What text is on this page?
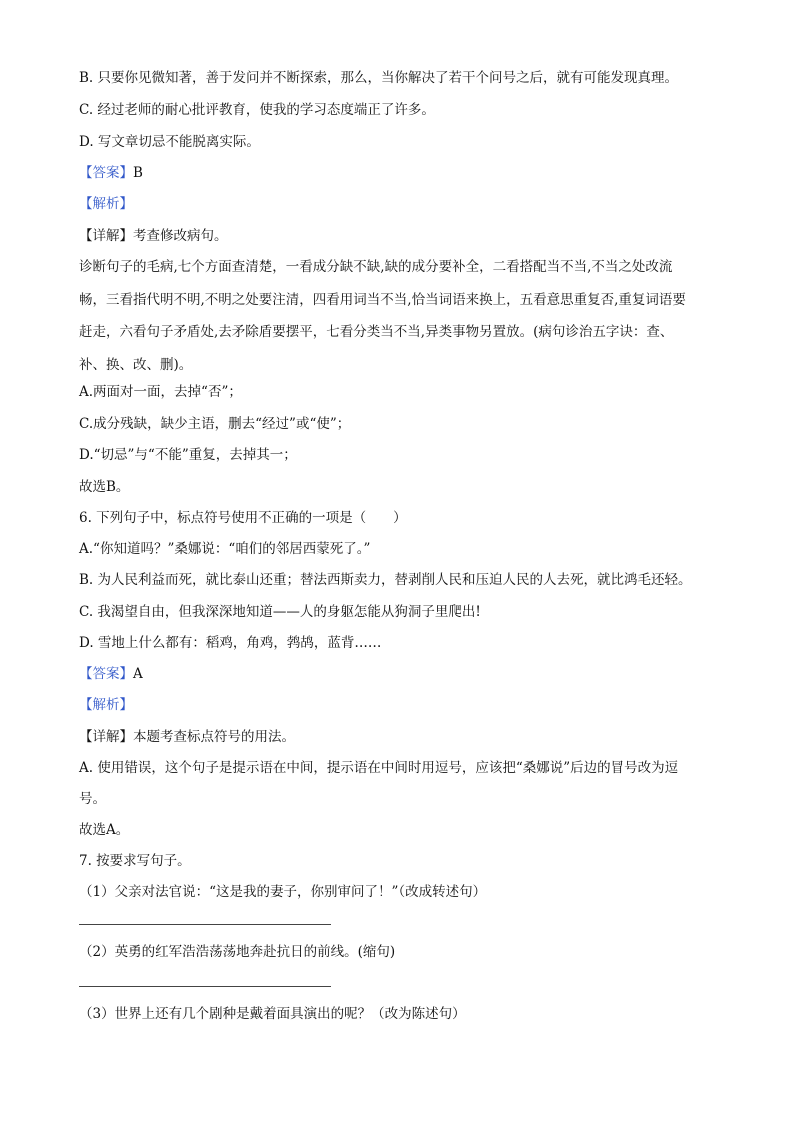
B. 只要你见微知著，善于发问并不断探索，那么，当你解决了若干个问号之后，就有可能发现真理。
C. 经过老师的耐心批评教育，使我的学习态度端正了许多。
D. 写文章切忌不能脱离实际。
【答案】B
【解析】
【详解】考查修改病句。
诊断句子的毛病,七个方面查清楚，一看成分缺不缺,缺的成分要补全，二看搭配当不当,不当之处改流
畅，三看指代明不明,不明之处要注清，四看用词当不当,恰当词语来换上，五看意思重复否,重复词语要
赶走，六看句子矛盾处,去矛除盾要摆平，七看分类当不当,异类事物另置放。(病句诊治五字诀：查、
补、换、改、删)。
A.两面对一面，去掉“否”；
C.成分残缺，缺少主语，删去“经过”或“使”；
D.“切忌”与“不能”重复，去掉其一；
故选B。
6. 下列句子中，标点符号使用不正确的一项是（　　）
A.“你知道吗？”桑娜说：“咱们的邻居西蒙死了。”
B. 为人民利益而死，就比泰山还重；替法西斯卖力，替剥削人民和压迫人民的人去死，就比鸿毛还轻。
C. 我渴望自由，但我深深地知道——人的身躯怎能从狗洞子里爬出!
D. 雪地上什么都有：稻鸡，角鸡，鹁鸪，蓝背……
【答案】A
【解析】
【详解】本题考查标点符号的用法。
A. 使用错误，这个句子是提示语在中间，提示语在中间时用逗号，应该把“桑娜说”后边的冒号改为逗
号。
故选A。
7. 按要求写句子。
（1）父亲对法官说：“这是我的妻子，你别审问了！”（改成转述句）
（2）英勇的红军浩浩荡荡地奔赴抗日的前线。(缩句)
（3）世界上还有几个剧种是戴着面具演出的呢？（改为陈述句）
